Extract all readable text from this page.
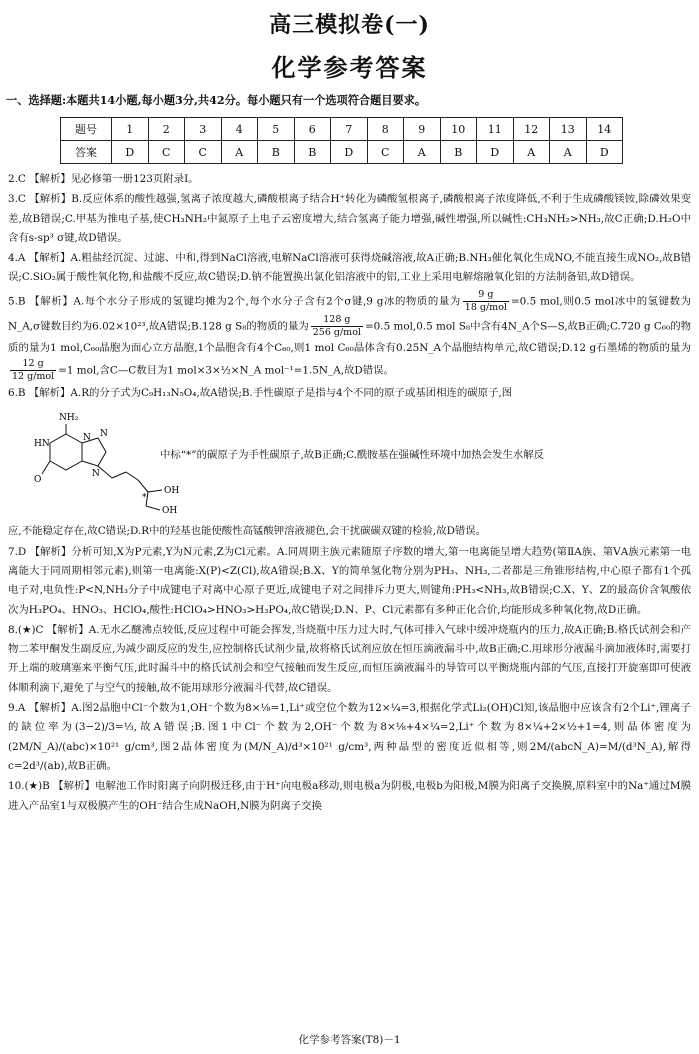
高三模拟卷(一)
化学参考答案
一、选择题:本题共14小题,每小题3分,共42分。每小题只有一个选项符合题目要求。
题号	1	2	3	4	5	6	7	8	9	10	11	12	13	14
答案	D	C	C	A	B	B	D	C	A	B	D	A	A	D

2.C 【解析】见必修第一册123页附录Ⅰ。

3.C 【解析】B.反应体系的酸性越强,氢离子浓度越大,磷酸根离子结合H⁺转化为磷酸氢根离子,磷酸根离子浓度降低,不利于生成磷酸镁铵,除磷效果变差,故B错误;C.甲基为推电子基,使CH₃NH₂中氮原子上电子云密度增大,结合氢离子能力增强,碱性增强,所以碱性:CH₃NH₂>NH₃,故C正确;D.H₂O中含有s-sp³ σ键,故D错误。

4.A 【解析】A.粗盐经沉淀、过滤、中和,得到NaCl溶液,电解NaCl溶液可获得烧碱溶液,故A正确;B.NH₃催化氧化生成NO,不能直接生成NO₂,故B错误;C.SiO₂属于酸性氧化物,和盐酸不反应,故C错误;D.钠不能置换出氯化铝溶液中的铝,工业上采用电解熔融氧化铝的方法制备铝,故D错误。

5.B 【解析】A.每个水分子形成的氢键均摊为2个,每个水分子含有2个σ键,9 g冰的物质的量为 $\frac{9 g}{\text{18 g/mol}} =0.5$ mol,则0.5 mol冰中的氢键数为N_A,σ键数目约为6.02×10²³,故A错误;B.128 g S₈的物质的量为 $\frac{128 g}{\text{256 g/mol}} =0.5$ mol,0.5 mol S₈中含有4N_A个S—S,故B正确;C.720 g C₆₀的物质的量为1 mol,C₆₀晶胞为面心立方晶胞,1个晶胞含有4个C₆₀,则1 mol C₆₀晶体含有0.25N_A个晶胞结构单元,故C错误;D.12 g石墨烯的物质的量为
$\frac{12 g}{\text{12 g/mol}} =1$ mol,含C—C数目为1 mol×3×½×N_A mol⁻¹=1.5N_A,故D错误。

6.B 【解析】A.R的分子式为C₉H₁₃N₅O₄,故A错误;B.手性碳原子是指与4个不同的原子或基团相连的碳原子,图

NH₂
HN
O
N N
N
OH
OH
*
中标“*”的碳原子为手性碳原子,故B正确;C.酰胺基在强碱性环境中加热会发生水解反

应,不能稳定存在,故C错误;D.R中的羟基也能使酸性高锰酸钾溶液褪色,会干扰碳碳双键的检验,故D错误。

7.D 【解析】分析可知,X为P元素,Y为N元素,Z为Cl元素。A.同周期主族元素随原子序数的增大,第一电离能呈增大趋势(第ⅡA族、第ⅤA族元素第一电离能大于同周期相邻元素),则第一电离能:X(P)<Z(Cl),故A错误;B.X、Y的简单氢化物分别为PH₃、NH₃,二者都是三角锥形结构,中心原子都有1个孤电子对,电负性:P<N,NH₃分子中成键电子对离中心原子更近,成键电子对之间排斥力更大,则键角:PH₃<NH₃,故B错误;C.X、Y、Z的最高价含氧酸依次为H₃PO₄、HNO₃、HClO₄,酸性:HClO₄>HNO₃>H₃PO₄,故C错误;D.N、P、Cl元素都有多种正化合价,均能形成多种氧化物,故D正确。

8.(★)C 【解析】A.无水乙醚沸点较低,反应过程中可能会挥发,当烧瓶中压力过大时,气体可排入气球中缓冲烧瓶内的压力,故A正确;B.格氏试剂会和产物二苯甲酮发生副反应,为减少副反应的发生,应控制格氏试剂少量,故将格氏试剂应放在恒压滴液漏斗中,故B正确;C.用球形分液漏斗滴加液体时,需要打开上端的玻璃塞来平衡气压,此时漏斗中的格氏试剂会和空气接触而发生反应,而恒压滴液漏斗的导管可以平衡烧瓶内部的气压,直接打开旋塞即可使液体顺利滴下,避免了与空气的接触,故不能用球形分液漏斗代替,故C错误。

9.A 【解析】A.图2晶胞中Cl⁻个数为1,OH⁻个数为8×⅛=1,Li⁺或空位个数为12×¼=3,根据化学式Li₂(OH)Cl知,该晶胞中应该含有2个Li⁺,锂离子的缺位率为(3−2)/3=⅓,故A错误;B.图1中Cl⁻个数为2,OH⁻个数为8×⅛+4×¼=2,Li⁺个数为8×¼+2×½+1=4,则晶体密度为(2M/N_A)/(abc)×10²¹ g/cm³,图2晶体密度为(M/N_A)/d³×10²¹ g/cm³,两种晶型的密度近似相等,则2M/(abcN_A)=M/(d³N_A),解得c=2d³/(ab),故B正确。

10.(★)B 【解析】电解池工作时阳离子向阴极迁移,由于H⁺向电极a移动,则电极a为阴极,电极b为阳极,M膜为阳离子交换膜,原料室中的Na⁺通过M膜进入产品室1与双极膜产生的OH⁻结合生成NaOH,N膜为阴离子交换

化学参考答案(T8)－1
